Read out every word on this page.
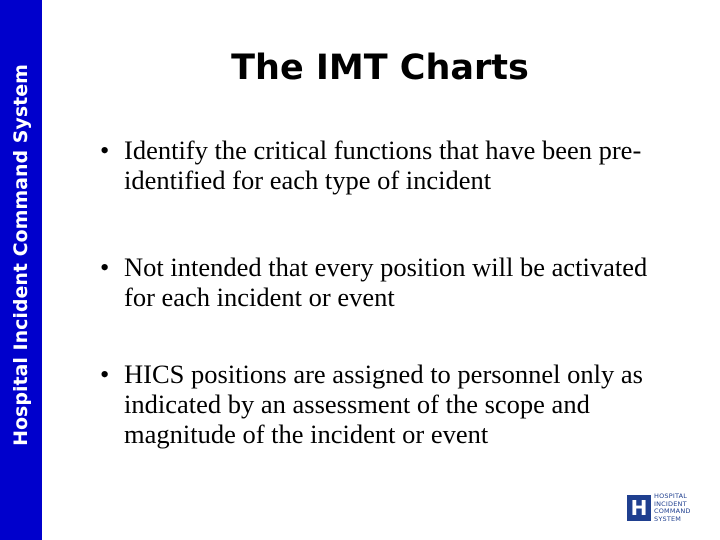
Hospital Incident Command System	The IMT Charts
• Identify the critical functions that have been pre-identified for each type of incident
• Not intended that every position will be activated for each incident or event
• HICS positions are assigned to personnel only as indicated by an assessment of the scope and magnitude of the incident or event
H	HOSPITAL
INCIDENT
COMMAND
SYSTEM
